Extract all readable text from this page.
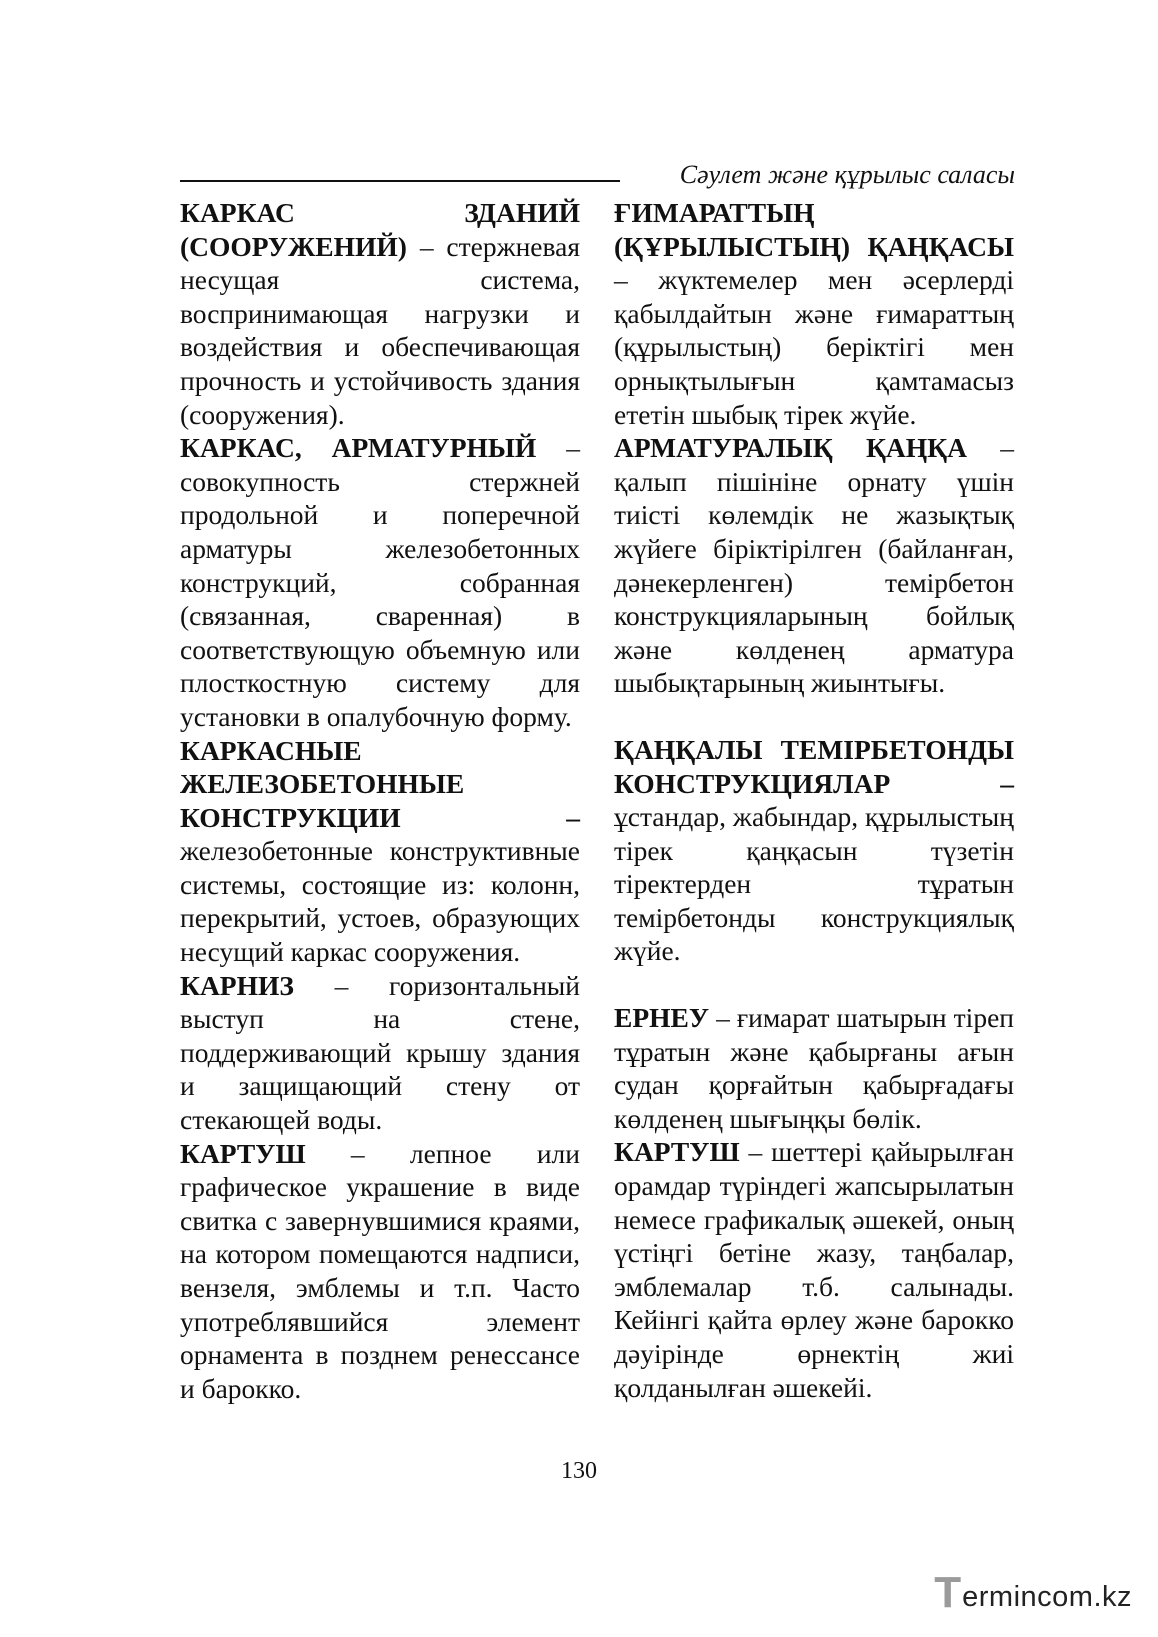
Сәулет және құрылыс саласы

КАРКАС ЗДАНИЙ (СООРУЖЕНИЙ) – стержневая несущая система, воспринимающая нагрузки и воздействия и обеспечивающая прочность и устойчивость здания (сооружения).

КАРКАС, АРМАТУРНЫЙ – совокупность стержней продольной и поперечной арматуры железобетонных конструкций, собранная (связанная, сваренная) в соответствующую объемную или плосткостную систему для установки в опалубочную форму.

КАРКАСНЫЕ ЖЕЛЕЗОБЕТОННЫЕ КОНСТРУКЦИИ – железобетонные конструктивные системы, состоящие из: колонн, перекрытий, устоев, образующих несущий каркас сооружения.

КАРНИЗ – горизонтальный выступ на стене, поддерживающий крышу здания и защищающий стену от стекающей воды.

КАРТУШ – лепное или графическое украшение в виде свитка с завернувшимися краями, на котором помещаются надписи, вензеля, эмблемы и т.п. Часто употреблявшийся элемент орнамента в позднем ренессансе и барокко.

ҒИМАРАТТЫҢ (ҚҰРЫЛЫСТЫҢ) ҚАҢҚАСЫ – жүктемелер мен әсерлерді қабылдайтын және ғимараттың (құрылыстың) беріктігі мен орнықтылығын қамтамасыз ететін шыбық тірек жүйе.

АРМАТУРАЛЫҚ ҚАҢҚА – қалып пішініне орнату үшін тиісті көлемдік не жазықтық жүйеге біріктірілген (байланған, дәнекерленген) темірбетон конструкцияларының бойлық және көлденең арматура шыбықтарының жиынтығы.

ҚАҢҚАЛЫ ТЕМІРБЕТОНДЫ КОНСТРУКЦИЯЛАР – ұстандар, жабындар, құрылыстың тірек қаңқасын түзетін тіректерден тұратын темірбетонды конструкциялық жүйе.

ЕРНЕУ – ғимарат шатырын тіреп тұратын және қабырғаны ағын судан қорғайтын қабырғадағы көлденең шығыңқы бөлік.

КАРТУШ – шеттері қайырылған орамдар түріндегі жапсырылатын немесе графикалық әшекей, оның үстіңгі бетіне жазу, таңбалар, эмблемалар т.б. салынады. Кейінгі қайта өрлеу және барокко дәуірінде өрнектің жиі қолданылған әшекейі.

130
T ermincom.kz
